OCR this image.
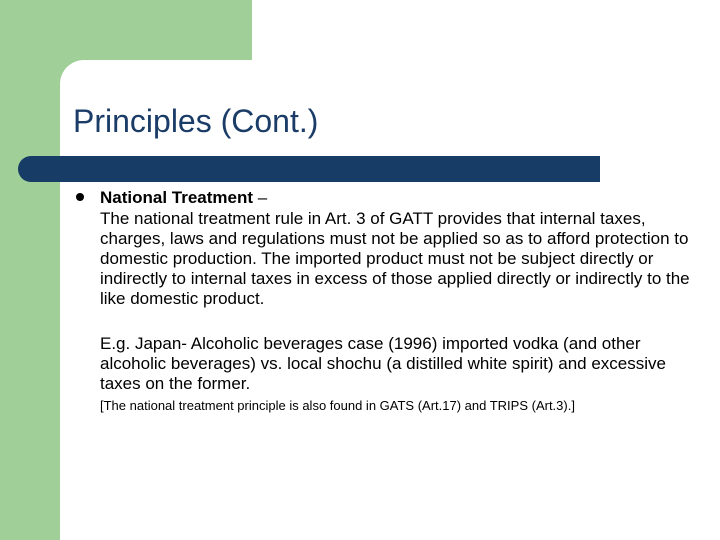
Principles (Cont.)
National Treatment –

The national treatment rule in Art. 3 of GATT provides that internal taxes, charges, laws and regulations must not be applied so as to afford protection to domestic production. The imported product must not be subject directly or indirectly to internal taxes in excess of those applied directly or indirectly to the like domestic product.

E.g. Japan- Alcoholic beverages case (1996) imported vodka (and other alcoholic beverages) vs. local shochu (a distilled white spirit) and excessive taxes on the former.

[The national treatment principle is also found in GATS (Art.17) and TRIPS (Art.3).]
